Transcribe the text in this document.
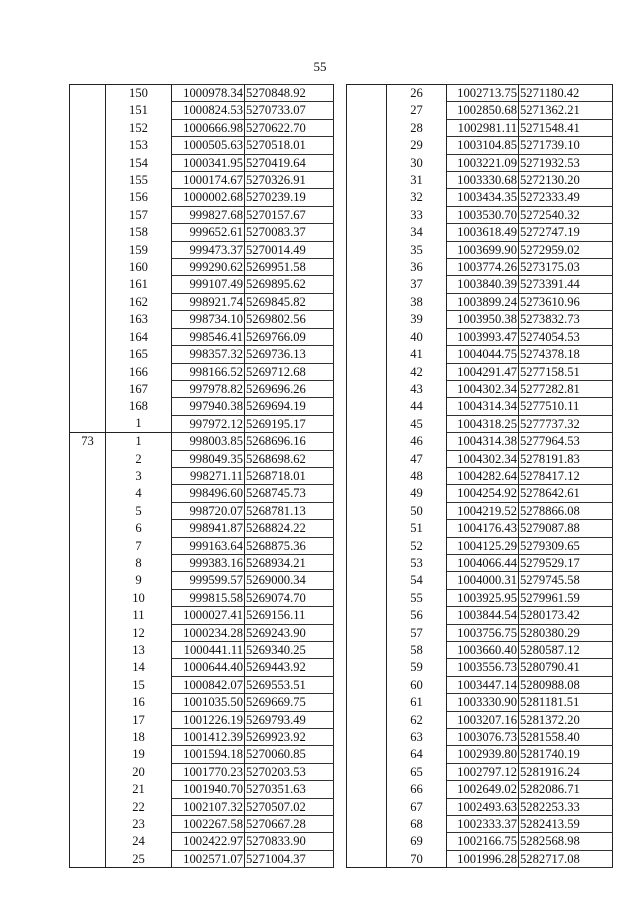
55
	150	1000978.34	5270848.92
	151	1000824.53	5270733.07
	152	1000666.98	5270622.70
	153	1000505.63	5270518.01
	154	1000341.95	5270419.64
	155	1000174.67	5270326.91
	156	1000002.68	5270239.19
	157	999827.68	5270157.67
	158	999652.61	5270083.37
	159	999473.37	5270014.49
	160	999290.62	5269951.58
	161	999107.49	5269895.62
	162	998921.74	5269845.82
	163	998734.10	5269802.56
	164	998546.41	5269766.09
	165	998357.32	5269736.13
	166	998166.52	5269712.68
	167	997978.82	5269696.26
	168	997940.38	5269694.19
	1	997972.12	5269195.17
73	1	998003.85	5268696.16
	2	998049.35	5268698.62
	3	998271.11	5268718.01
	4	998496.60	5268745.73
	5	998720.07	5268781.13
	6	998941.87	5268824.22
	7	999163.64	5268875.36
	8	999383.16	5268934.21
	9	999599.57	5269000.34
	10	999815.58	5269074.70
	11	1000027.41	5269156.11
	12	1000234.28	5269243.90
	13	1000441.11	5269340.25
	14	1000644.40	5269443.92
	15	1000842.07	5269553.51
	16	1001035.50	5269669.75
	17	1001226.19	5269793.49
	18	1001412.39	5269923.92
	19	1001594.18	5270060.85
	20	1001770.23	5270203.53
	21	1001940.70	5270351.63
	22	1002107.32	5270507.02
	23	1002267.58	5270667.28
	24	1002422.97	5270833.90
	25	1002571.07	5271004.37
	26	1002713.75	5271180.42
	27	1002850.68	5271362.21
	28	1002981.11	5271548.41
	29	1003104.85	5271739.10
	30	1003221.09	5271932.53
	31	1003330.68	5272130.20
	32	1003434.35	5272333.49
	33	1003530.70	5272540.32
	34	1003618.49	5272747.19
	35	1003699.90	5272959.02
	36	1003774.26	5273175.03
	37	1003840.39	5273391.44
	38	1003899.24	5273610.96
	39	1003950.38	5273832.73
	40	1003993.47	5274054.53
	41	1004044.75	5274378.18
	42	1004291.47	5277158.51
	43	1004302.34	5277282.81
	44	1004314.34	5277510.11
	45	1004318.25	5277737.32
	46	1004314.38	5277964.53
	47	1004302.34	5278191.83
	48	1004282.64	5278417.12
	49	1004254.92	5278642.61
	50	1004219.52	5278866.08
	51	1004176.43	5279087.88
	52	1004125.29	5279309.65
	53	1004066.44	5279529.17
	54	1004000.31	5279745.58
	55	1003925.95	5279961.59
	56	1003844.54	5280173.42
	57	1003756.75	5280380.29
	58	1003660.40	5280587.12
	59	1003556.73	5280790.41
	60	1003447.14	5280988.08
	61	1003330.90	5281181.51
	62	1003207.16	5281372.20
	63	1003076.73	5281558.40
	64	1002939.80	5281740.19
	65	1002797.12	5281916.24
	66	1002649.02	5282086.71
	67	1002493.63	5282253.33
	68	1002333.37	5282413.59
	69	1002166.75	5282568.98
	70	1001996.28	5282717.08
